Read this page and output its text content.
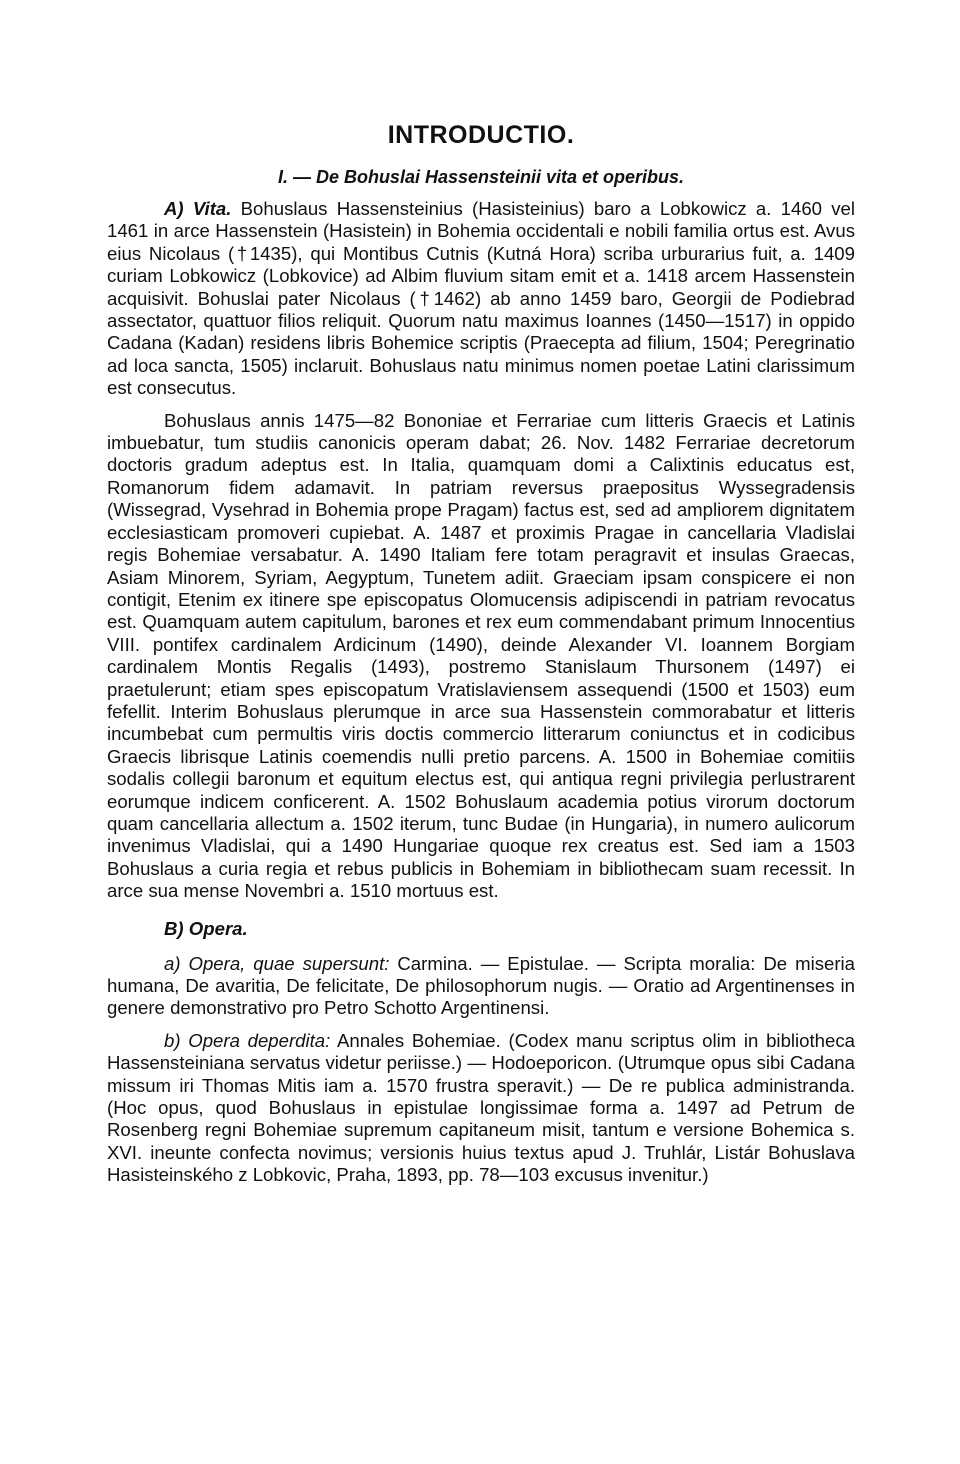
INTRODUCTIO.
I. — De Bohuslai Hassensteinii vita et operibus.

A) Vita. Bohuslaus Hassensteinius (Hasisteinius) baro a Lobkowicz a. 1460 vel 1461 in arce Hassenstein (Hasistein) in Bohemia occidentali e nobili familia ortus est. Avus eius Nicolaus (†1435), qui Montibus Cutnis (Kutná Hora) scriba urburarius fuit, a. 1409 curiam Lobkowicz (Lobkovice) ad Albim fluvium sitam emit et a. 1418 arcem Hassenstein acquisivit. Bohuslai pater Nicolaus (†1462) ab anno 1459 baro, Georgii de Podiebrad assectator, quattuor filios reliquit. Quorum natu maximus Ioannes (1450—1517) in oppido Cadana (Kadan) residens libris Bohemice scriptis (Praecepta ad filium, 1504; Peregrinatio ad loca sancta, 1505) inclaruit. Bohuslaus natu minimus nomen poetae Latini clarissimum est consecutus.

Bohuslaus annis 1475—82 Bononiae et Ferrariae cum litteris Graecis et Latinis imbuebatur, tum studiis canonicis operam dabat; 26. Nov. 1482 Ferrariae decretorum doctoris gradum adeptus est. In Italia, quamquam domi a Calixtinis educatus est, Romanorum fidem adamavit. In patriam reversus praepositus Wyssegradensis (Wissegrad, Vysehrad in Bohemia prope Pragam) factus est, sed ad ampliorem dignitatem ecclesiasticam promoveri cupiebat. A. 1487 et proximis Pragae in cancellaria Vladislai regis Bohemiae versabatur. A. 1490 Italiam fere totam peragravit et insulas Graecas, Asiam Minorem, Syriam, Aegyptum, Tunetem adiit. Graeciam ipsam conspicere ei non contigit, Etenim ex itinere spe episcopatus Olomucensis adipiscendi in patriam revocatus est. Quamquam autem capitulum, barones et rex eum commendabant primum Innocentius VIII. pontifex cardinalem Ardicinum (1490), deinde Alexander VI. Ioannem Borgiam cardinalem Montis Regalis (1493), postremo Stanislaum Thursonem (1497) ei praetulerunt; etiam spes episcopatum Vratislaviensem assequendi (1500 et 1503) eum fefellit. Interim Bohuslaus plerumque in arce sua Hassenstein commorabatur et litteris incumbebat cum permultis viris doctis commercio litterarum coniunctus et in codicibus Graecis librisque Latinis coemendis nulli pretio parcens. A. 1500 in Bohemiae comitiis sodalis collegii baronum et equitum electus est, qui antiqua regni privilegia perlustrarent eorumque indicem conficerent. A. 1502 Bohuslaum academia potius virorum doctorum quam cancellaria allectum a. 1502 iterum, tunc Budae (in Hungaria), in numero aulicorum invenimus Vladislai, qui a 1490 Hungariae quoque rex creatus est. Sed iam a 1503 Bohuslaus a curia regia et rebus publicis in Bohemiam in bibliothecam suam recessit. In arce sua mense Novembri a. 1510 mortuus est.

B) Opera.

a) Opera, quae supersunt: Carmina. — Epistulae. — Scripta moralia: De miseria humana, De avaritia, De felicitate, De philosophorum nugis. — Oratio ad Argentinenses in genere demonstrativo pro Petro Schotto Argentinensi.

b) Opera deperdita: Annales Bohemiae. (Codex manu scriptus olim in bibliotheca Hassensteiniana servatus videtur periisse.) — Hodoeporicon. (Utrumque opus sibi Cadana missum iri Thomas Mitis iam a. 1570 frustra speravit.) — De re publica administranda. (Hoc opus, quod Bohuslaus in epistulae longissimae forma a. 1497 ad Petrum de Rosenberg regni Bohemiae supremum capitaneum misit, tantum e versione Bohemica s. XVI. ineunte confecta novimus; versionis huius textus apud J. Truhlár, Listár Bohuslava Hasisteinského z Lobkovic, Praha, 1893, pp. 78—103 excusus invenitur.)
